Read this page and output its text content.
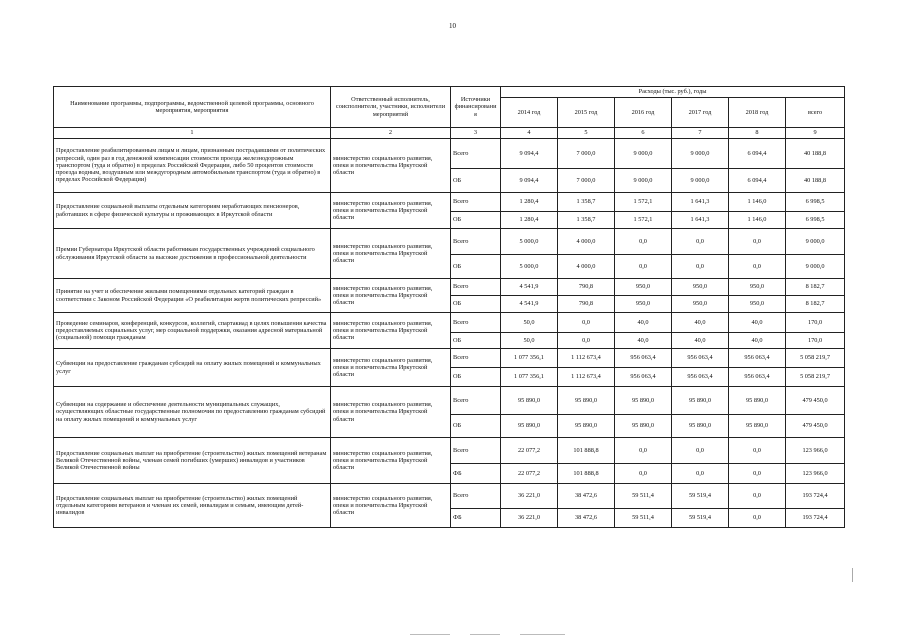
10
Наименование программы, подпрограммы, ведомственной целевой программы, основного мероприятия, мероприятия	Ответственный исполнитель, соисполнители, участники, исполнители мероприятий	Источники финансировани я	Расходы (тыс. руб.), годы					
			2014 год	2015 год	2016 год	2017 год	2018 год	всего
1	2	3	4	5	6	7	8	9
Предоставление реабилитированным лицам и лицам, признанным пострадавшими от политических репрессий, один раз в год денежной компенсации стоимости проезда железнодорожным транспортом (туда и обратно) в пределах Российской Федерации, либо 50 процентов стоимости проезда водным, воздушным или междугородным автомобильным транспортом (туда и обратно) в пределах Российской Федерации)	министерство социального развития, опеки и попечительства Иркутской области	Всего	9 094,4	7 000,0	9 000,0	9 000,0	6 094,4	40 188,8
		ОБ	9 094,4	7 000,0	9 000,0	9 000,0	6 094,4	40 188,8
Предоставление социальной выплаты отдельным категориям неработающих пенсионеров, работавших в сфере физической культуры и проживающих в Иркутской области	министерство социального развития, опеки и попечительства Иркутской области	Всего	1 280,4	1 358,7	1 572,1	1 641,3	1 146,0	6 998,5
		ОБ	1 280,4	1 358,7	1 572,1	1 641,3	1 146,0	6 998,5
Премии Губернатора Иркутской области работникам государственных учреждений социального обслуживания Иркутской области за высокие достижения в профессиональной деятельности	министерство социального развития, опеки и попечительства Иркутской области	Всего	5 000,0	4 000,0	0,0	0,0	0,0	9 000,0
		ОБ	5 000,0	4 000,0	0,0	0,0	0,0	9 000,0
Принятие на учет и обеспечение жилыми помещениями отдельных категорий граждан в соответствии с Законом Российской Федерации «О реабилитации жертв политических репрессий»	министерство социального развития, опеки и попечительства Иркутской области	Всего	4 541,9	790,8	950,0	950,0	950,0	8 182,7
		ОБ	4 541,9	790,8	950,0	950,0	950,0	8 182,7
Проведение семинаров, конференций, конкурсов, коллегий, спартакиад в целях повышения качества предоставляемых социальных услуг, мер социальной поддержки, оказания адресной материальной (социальной) помощи гражданам	министерство социального развития, опеки и попечительства Иркутской области	Всего	50,0	0,0	40,0	40,0	40,0	170,0
		ОБ	50,0	0,0	40,0	40,0	40,0	170,0
Субвенции на предоставление гражданам субсидий на оплату жилых помещений и коммунальных услуг	министерство социального развития, опеки и попечительства Иркутской области	Всего	1 077 356,1	1 112 673,4	956 063,4	956 063,4	956 063,4	5 058 219,7
		ОБ	1 077 356,1	1 112 673,4	956 063,4	956 063,4	956 063,4	5 058 219,7
Субвенции на содержание и обеспечение деятельности муниципальных служащих, осуществляющих областные государственные полномочия по предоставлению гражданам субсидий на оплату жилых помещений и коммунальных услуг	министерство социального развития, опеки и попечительства Иркутской области	Всего	95 890,0	95 890,0	95 890,0	95 890,0	95 890,0	479 450,0
		ОБ	95 890,0	95 890,0	95 890,0	95 890,0	95 890,0	479 450,0
Предоставление социальных выплат на приобретение (строительство) жилых помещений ветеранам Великой Отечественной войны, членам семей погибших (умерших) инвалидов и участников Великой Отечественной войны	министерство социального развития, опеки и попечительства Иркутской области	Всего	22 077,2	101 888,8	0,0	0,0	0,0	123 966,0
		ФБ	22 077,2	101 888,8	0,0	0,0	0,0	123 966,0
Предоставление социальных выплат на приобретение (строительство) жилых помещений отдельным категориям ветеранов и членам их семей, инвалидам и семьям, имеющим детей-инвалидов	министерство социального развития, опеки и попечительства Иркутской области	Всего	36 221,0	38 472,6	59 511,4	59 519,4	0,0	193 724,4
		ФБ	36 221,0	38 472,6	59 511,4	59 519,4	0,0	193 724,4
